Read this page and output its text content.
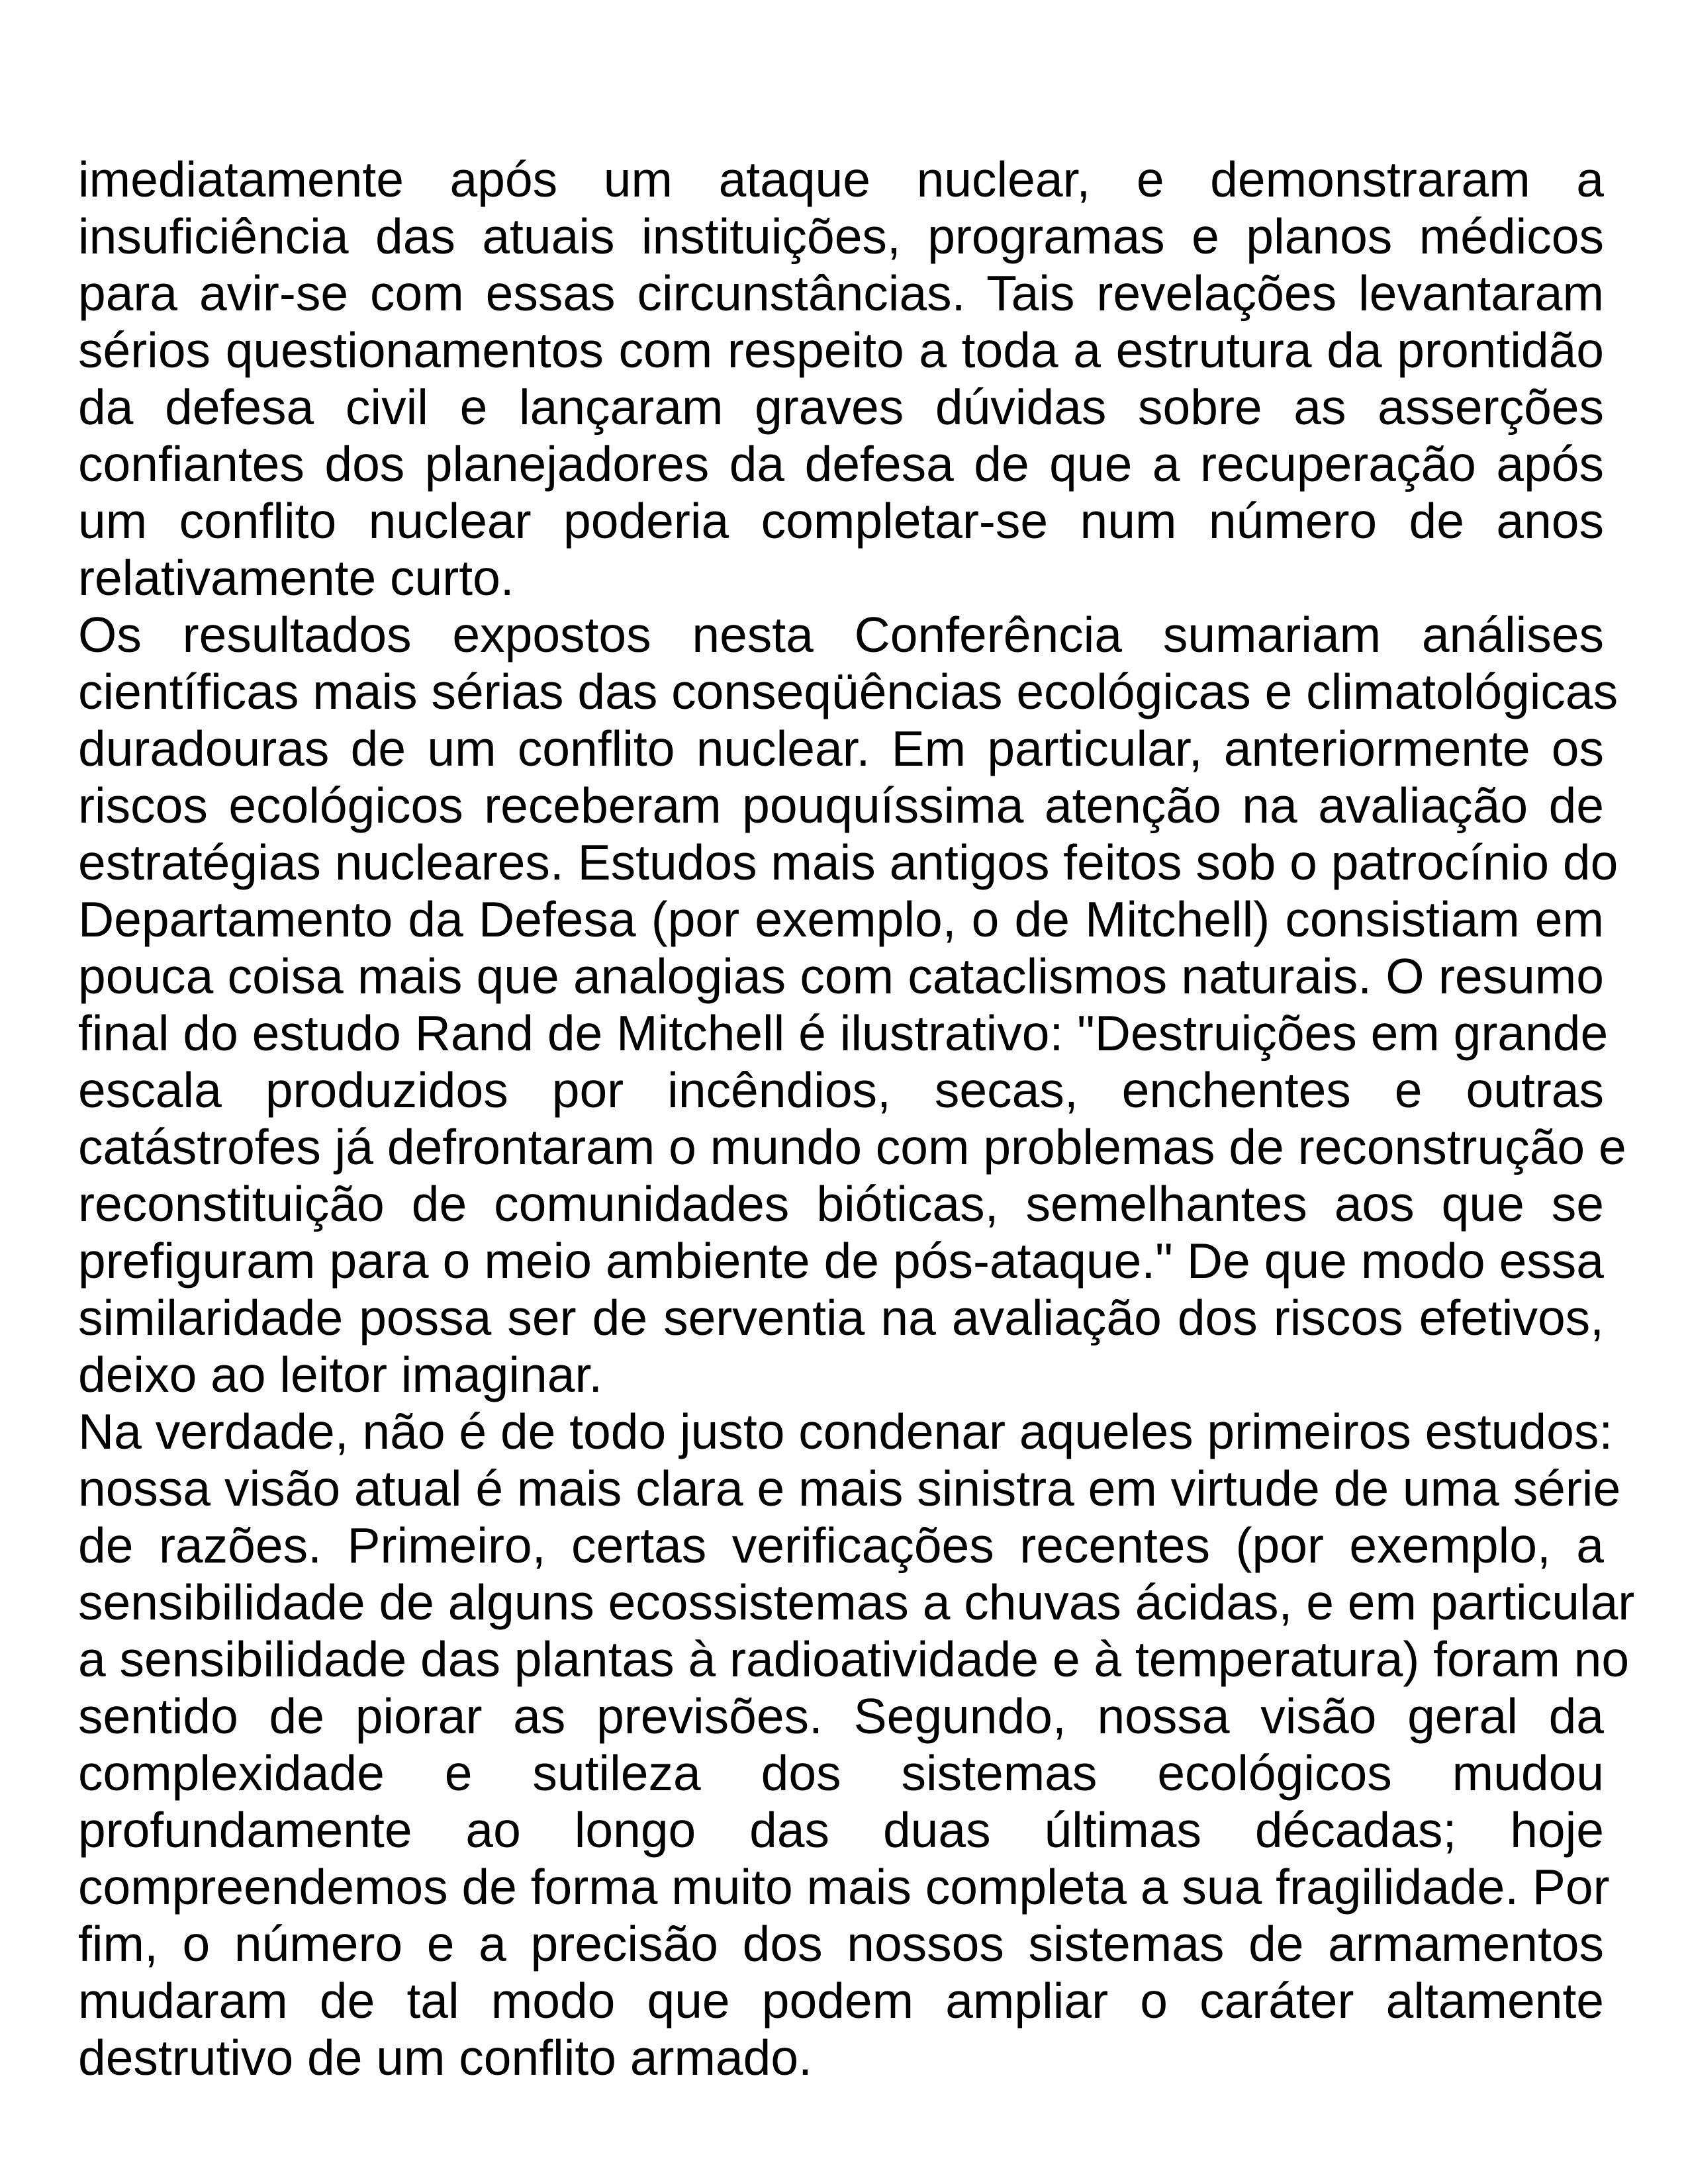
imediatamente após um ataque nuclear, e demonstraram a
insuficiência das atuais instituições, programas e planos médicos
para avir-se com essas circunstâncias. Tais revelações levantaram
sérios questionamentos com respeito a toda a estrutura da prontidão
da defesa civil e lançaram graves dúvidas sobre as asserções
confiantes dos planejadores da defesa de que a recuperação após
um conflito nuclear poderia completar-se num número de anos
relativamente curto.
Os resultados expostos nesta Conferência sumariam análises
científicas mais sérias das conseqüências ecológicas e climatológicas
duradouras de um conflito nuclear. Em particular, anteriormente os
riscos ecológicos receberam pouquíssima atenção na avaliação de
estratégias nucleares. Estudos mais antigos feitos sob o patrocínio do
Departamento da Defesa (por exemplo, o de Mitchell) consistiam em
pouca coisa mais que analogias com cataclismos naturais. O resumo
final do estudo Rand de Mitchell é ilustrativo: "Destruições em grande
escala produzidos por incêndios, secas, enchentes e outras
catástrofes já defrontaram o mundo com problemas de reconstrução e
reconstituição de comunidades bióticas, semelhantes aos que se
prefiguram para o meio ambiente de pós-ataque." De que modo essa
similaridade possa ser de serventia na avaliação dos riscos efetivos,
deixo ao leitor imaginar.
Na verdade, não é de todo justo condenar aqueles primeiros estudos:
nossa visão atual é mais clara e mais sinistra em virtude de uma série
de razões. Primeiro, certas verificações recentes (por exemplo, a
sensibilidade de alguns ecossistemas a chuvas ácidas, e em particular
a sensibilidade das plantas à radioatividade e à temperatura) foram no
sentido de piorar as previsões. Segundo, nossa visão geral da
complexidade e sutileza dos sistemas ecológicos mudou
profundamente ao longo das duas últimas décadas; hoje
compreendemos de forma muito mais completa a sua fragilidade. Por
fim, o número e a precisão dos nossos sistemas de armamentos
mudaram de tal modo que podem ampliar o caráter altamente
destrutivo de um conflito armado.
